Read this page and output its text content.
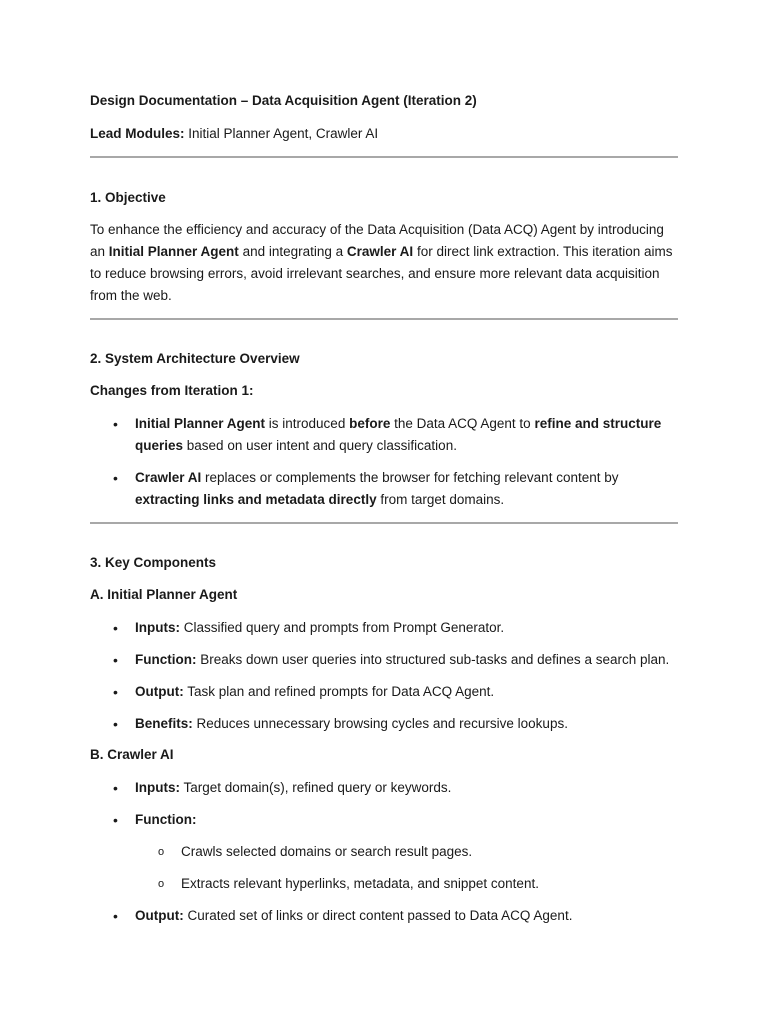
Design Documentation – Data Acquisition Agent (Iteration 2)
Lead Modules: Initial Planner Agent, Crawler AI
1. Objective
To enhance the efficiency and accuracy of the Data Acquisition (Data ACQ) Agent by introducing an Initial Planner Agent and integrating a Crawler AI for direct link extraction. This iteration aims to reduce browsing errors, avoid irrelevant searches, and ensure more relevant data acquisition from the web.
2. System Architecture Overview
Changes from Iteration 1:
• Initial Planner Agent is introduced before the Data ACQ Agent to refine and structure queries based on user intent and query classification.
• Crawler AI replaces or complements the browser for fetching relevant content by extracting links and metadata directly from target domains.
3. Key Components
A. Initial Planner Agent
• Inputs: Classified query and prompts from Prompt Generator.
• Function: Breaks down user queries into structured sub-tasks and defines a search plan.
• Output: Task plan and refined prompts for Data ACQ Agent.
• Benefits: Reduces unnecessary browsing cycles and recursive lookups.
B. Crawler AI
• Inputs: Target domain(s), refined query or keywords.
• Function:
o Crawls selected domains or search result pages.
o Extracts relevant hyperlinks, metadata, and snippet content.
• Output: Curated set of links or direct content passed to Data ACQ Agent.
